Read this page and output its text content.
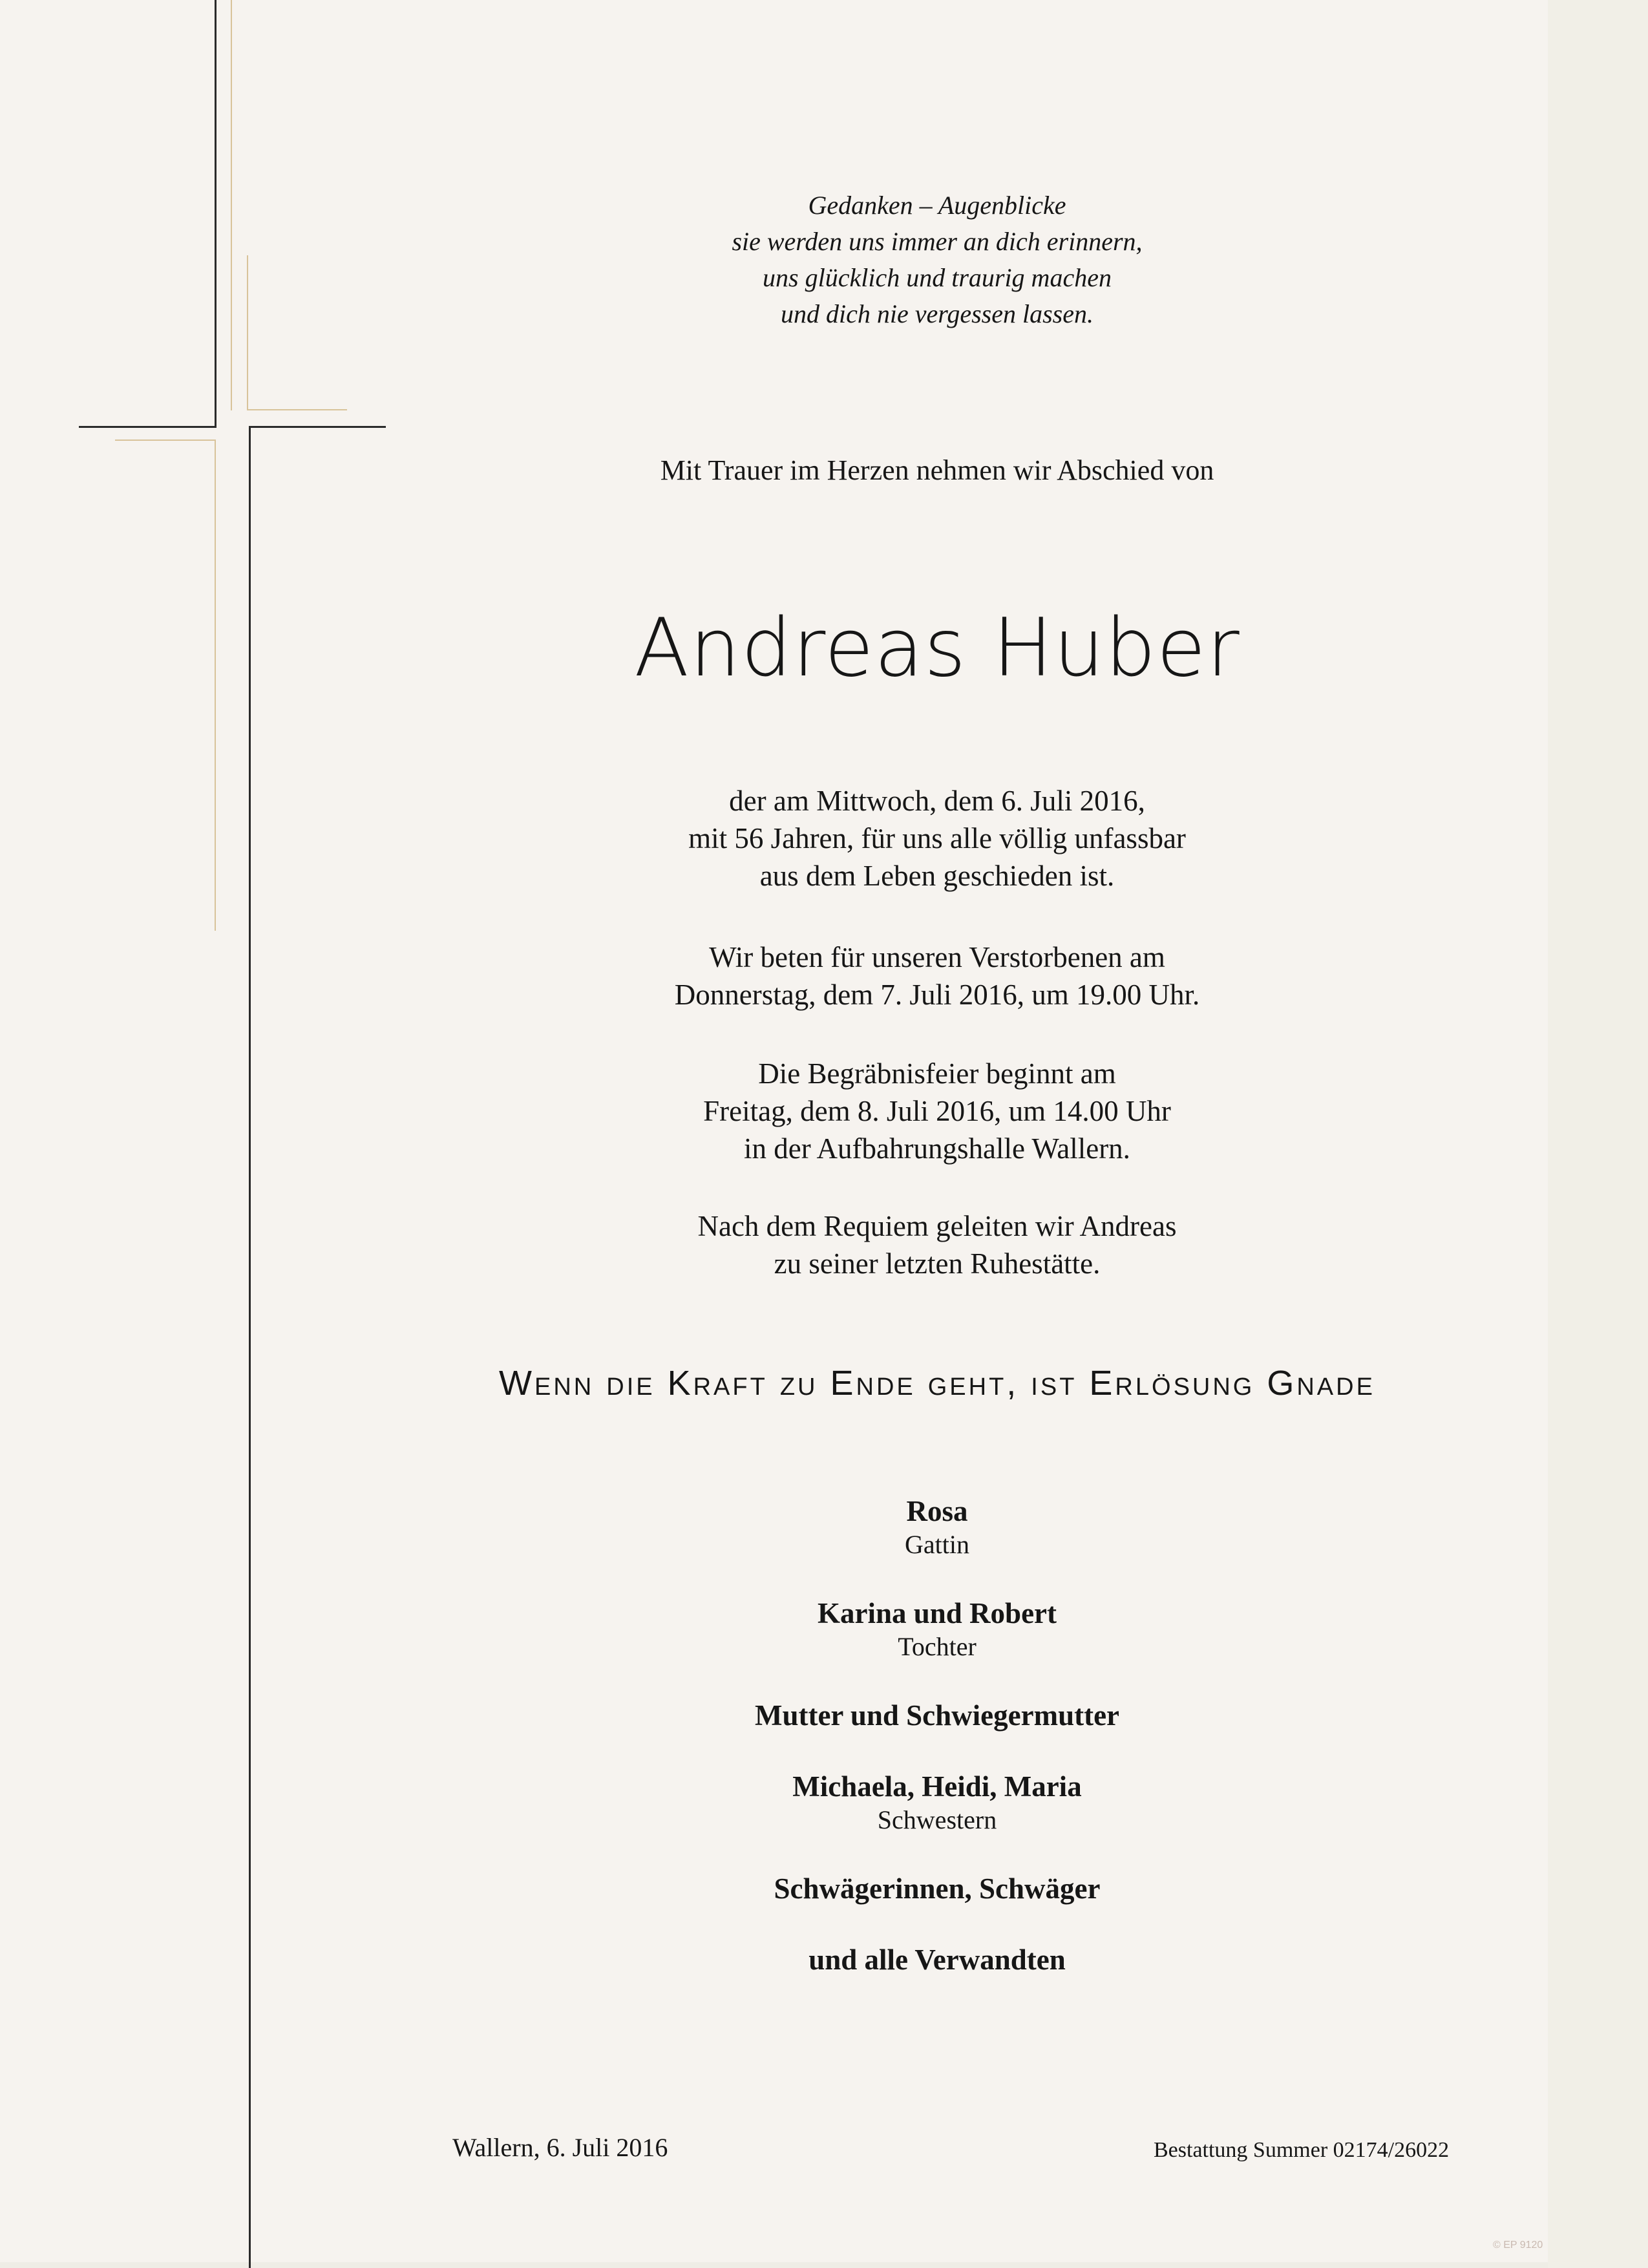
Gedanken – Augenblicke
sie werden uns immer an dich erinnern,
uns glücklich und traurig machen
und dich nie vergessen lassen.
Mit Trauer im Herzen nehmen wir Abschied von
Andreas Huber
der am Mittwoch, dem 6. Juli 2016,
mit 56 Jahren, für uns alle völlig unfassbar
aus dem Leben geschieden ist.
Wir beten für unseren Verstorbenen am
Donnerstag, dem 7. Juli 2016, um 19.00 Uhr.
Die Begräbnisfeier beginnt am
Freitag, dem 8. Juli 2016, um 14.00 Uhr
in der Aufbahrungshalle Wallern.
Nach dem Requiem geleiten wir Andreas
zu seiner letzten Ruhestätte.
Wenn die Kraft zu Ende geht, ist Erlösung Gnade
Rosa
Gattin
Karina und Robert
Tochter
Mutter und Schwiegermutter
Michaela, Heidi, Maria
Schwestern
Schwägerinnen, Schwäger
und alle Verwandten
Wallern, 6. Juli 2016	Bestattung Summer 02174/26022
© EP 9120
